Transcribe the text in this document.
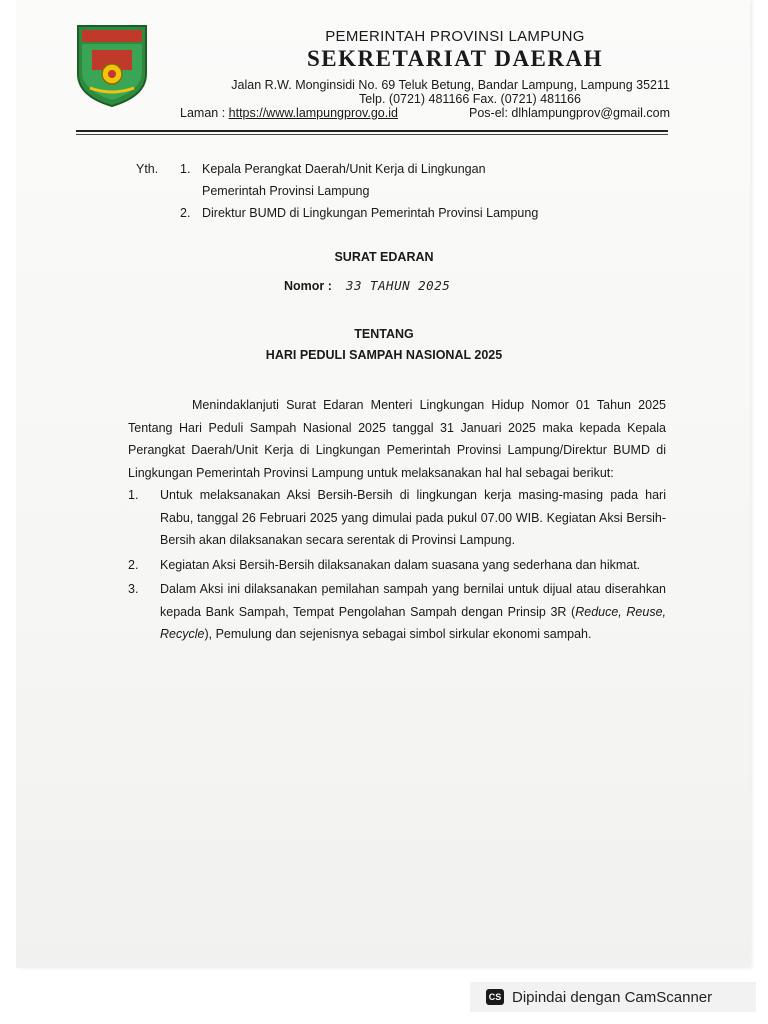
PEMERINTAH PROVINSI LAMPUNG
SEKRETARIAT DAERAH
Jalan R.W. Monginsidi No. 69 Teluk Betung, Bandar Lampung, Lampung 35211
Telp. (0721) 481166 Fax. (0721) 481166
Laman : https://www.lampungprov.go.id	Pos-el: dlhlampungprov@gmail.com
Yth.	1. Kepala Perangkat Daerah/Unit Kerja di Lingkungan
Pemerintah Provinsi Lampung
2. Direktur BUMD di Lingkungan Pemerintah Provinsi Lampung
SURAT EDARAN
Nomor : 33 TAHUN 2025
TENTANG
HARI PEDULI SAMPAH NASIONAL 2025

Menindaklanjuti Surat Edaran Menteri Lingkungan Hidup Nomor 01 Tahun 2025 Tentang Hari Peduli Sampah Nasional 2025 tanggal 31 Januari 2025 maka kepada Kepala Perangkat Daerah/Unit Kerja di Lingkungan Pemerintah Provinsi Lampung/Direktur BUMD di Lingkungan Pemerintah Provinsi Lampung untuk melaksanakan hal hal sebagai berikut:

1.	Untuk melaksanakan Aksi Bersih-Bersih di lingkungan kerja masing-masing pada hari Rabu, tanggal 26 Februari 2025 yang dimulai pada pukul 07.00 WIB. Kegiatan Aksi Bersih-Bersih akan dilaksanakan secara serentak di Provinsi Lampung.
2.	Kegiatan Aksi Bersih-Bersih dilaksanakan dalam suasana yang sederhana dan hikmat.
3.	Dalam Aksi ini dilaksanakan pemilahan sampah yang bernilai untuk dijual atau diserahkan kepada Bank Sampah, Tempat Pengolahan Sampah dengan Prinsip 3R (Reduce, Reuse, Recycle), Pemulung dan sejenisnya sebagai simbol sirkular ekonomi sampah.
CS Dipindai dengan CamScanner
